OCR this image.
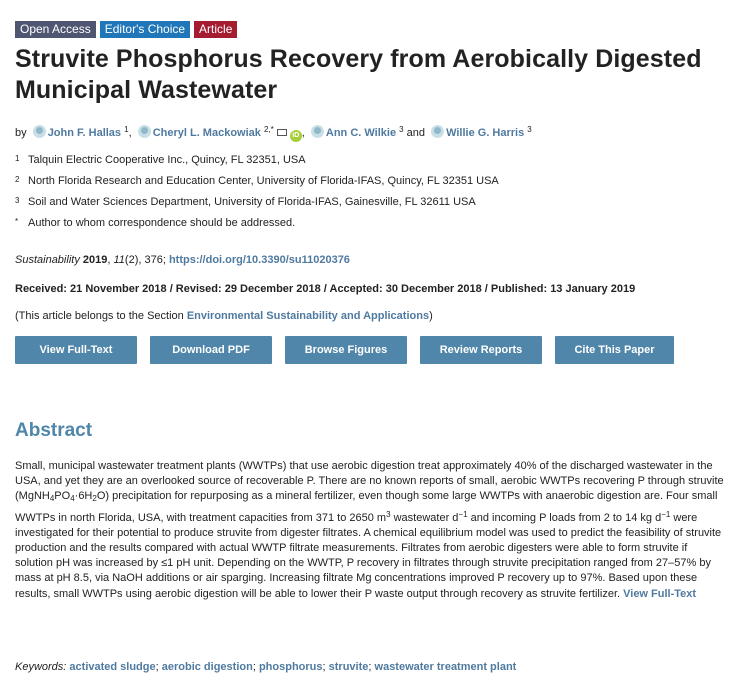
Open Access	Editor's Choice	Article
Struvite Phosphorus Recovery from Aerobically Digested Municipal Wastewater
by John F. Hallas $^1$, Cheryl L. Mackowiak $^{2,*}$iD , Ann C. Wilkie $^3$ and Willie G. Harris $^3$
1 Talquin Electric Cooperative Inc., Quincy, FL 32351, USA
2 North Florida Research and Education Center, University of Florida-IFAS, Quincy, FL 32351 USA
3 Soil and Water Sciences Department, University of Florida-IFAS, Gainesville, FL 32611 USA
* Author to whom correspondence should be addressed.
Sustainability 2019, 11(2), 376; https://doi.org/10.3390/su11020376
Received: 21 November 2018 / Revised: 29 December 2018 / Accepted: 30 December 2018 / Published: 13 January 2019
(This article belongs to the Section Environmental Sustainability and Applications)
View Full-Text	Download PDF	Browse Figures	Review Reports	Cite This Paper
Abstract
Small, municipal wastewater treatment plants (WWTPs) that use aerobic digestion treat approximately 40% of the discharged wastewater in the USA, and yet they are an overlooked source of recoverable P. There are no known reports of small, aerobic WWTPs recovering P through struvite $(MgNH_4PO_4\cdot 6H_2O)$ precipitation for repurposing as a mineral fertilizer, even though some large WWTPs with anaerobic digestion are. Four small WWTPs in north Florida, USA, with treatment capacities from 371 to 2650 $m^3$ wastewater $d^{-1}$ and incoming P loads from 2 to 14 kg $d^{-1}$ were investigated for their potential to produce struvite from digester filtrates. A chemical equilibrium model was used to predict the feasibility of struvite production and the results compared with actual WWTP filtrate measurements. Filtrates from aerobic digesters were able to form struvite if solution pH was increased by ≤1 pH unit. Depending on the WWTP, P recovery in filtrates through struvite precipitation ranged from 27–57% by mass at pH 8.5, via NaOH additions or air sparging. Increasing filtrate Mg concentrations improved P recovery up to 97%. Based upon these results, small WWTPs using aerobic digestion will be able to lower their P waste output through recovery as struvite fertilizer. View Full-Text
Keywords: activated sludge; aerobic digestion; phosphorus; struvite; wastewater treatment plant
